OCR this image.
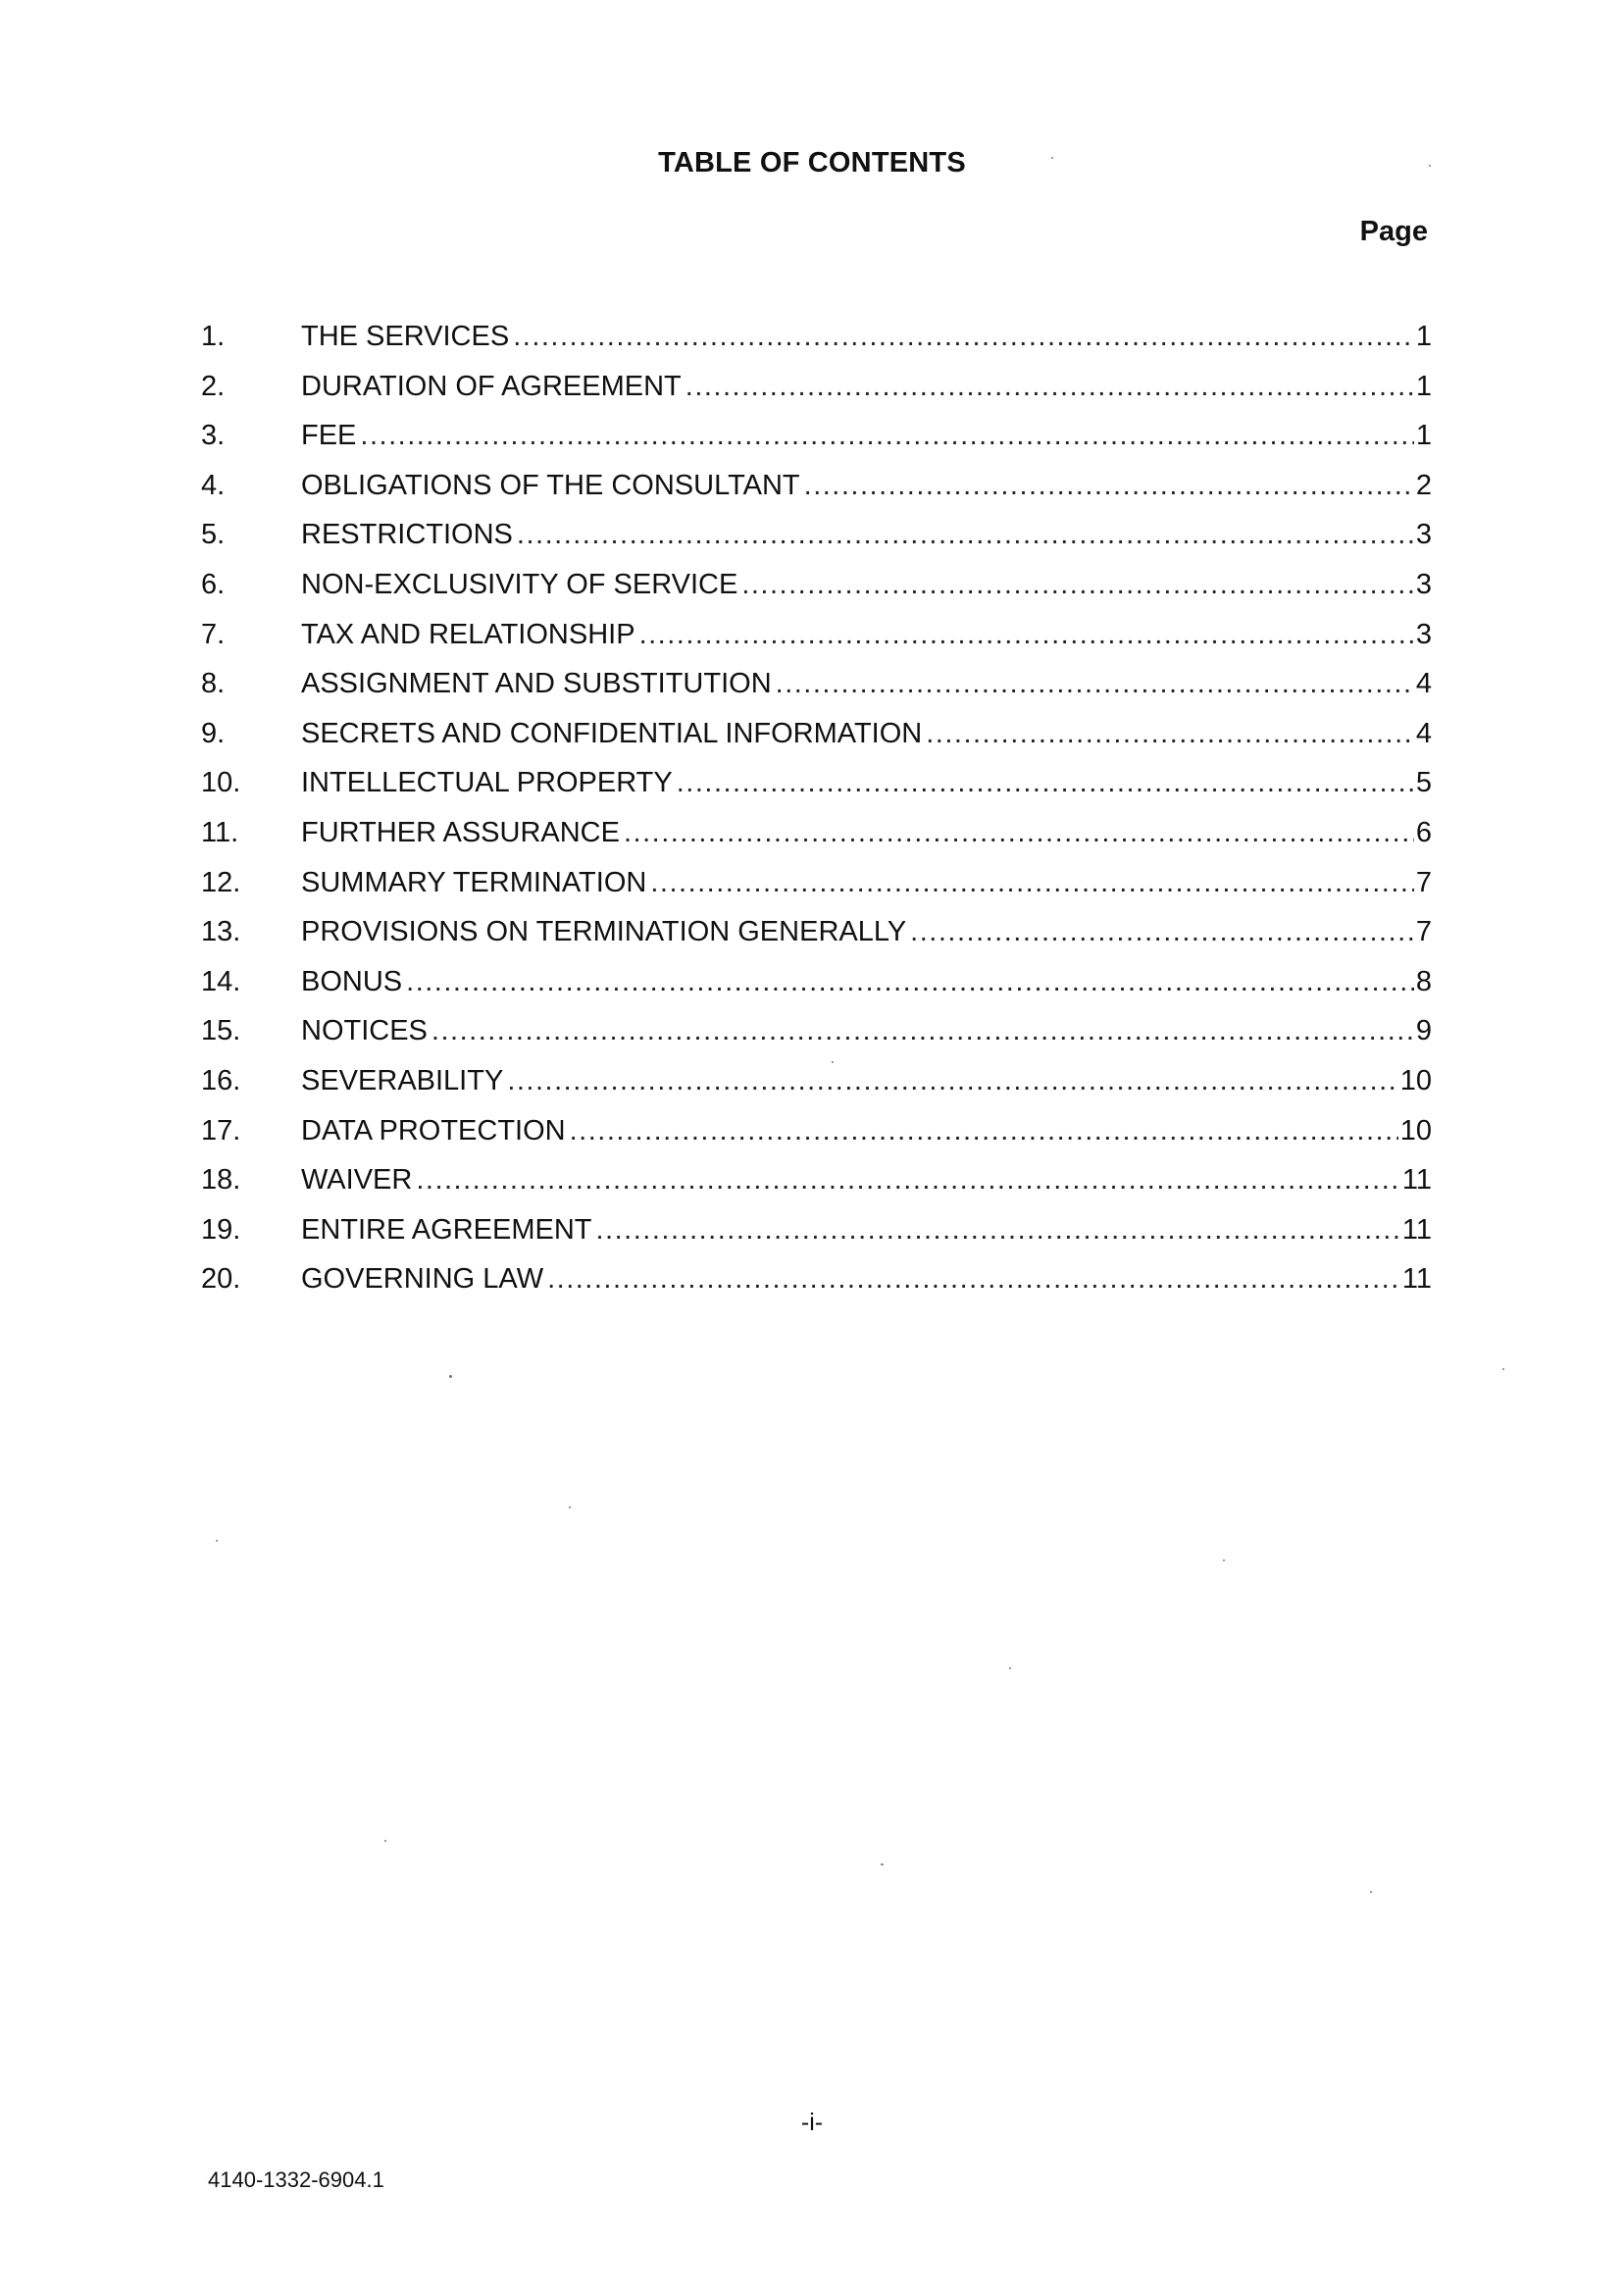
TABLE OF CONTENTS
Page
1.	THE SERVICES .....	1
2.	DURATION OF AGREEMENT .....	1
3.	FEE .....	1
4.	OBLIGATIONS OF THE CONSULTANT .....	2
5.	RESTRICTIONS .....	3
6.	NON-EXCLUSIVITY OF SERVICE .....	3
7.	TAX AND RELATIONSHIP .....	3
8.	ASSIGNMENT AND SUBSTITUTION .....	4
9.	SECRETS AND CONFIDENTIAL INFORMATION .....	4
10.	INTELLECTUAL PROPERTY .....	5
11.	FURTHER ASSURANCE .....	6
12.	SUMMARY TERMINATION .....	7
13.	PROVISIONS ON TERMINATION GENERALLY .....	7
14.	BONUS .....	8
15.	NOTICES .....	9
16.	SEVERABILITY .....	10
17.	DATA PROTECTION .....	10
18.	WAIVER .....	11
19.	ENTIRE AGREEMENT .....	11
20.	GOVERNING LAW .....	11
-i-
4140-1332-6904.1
